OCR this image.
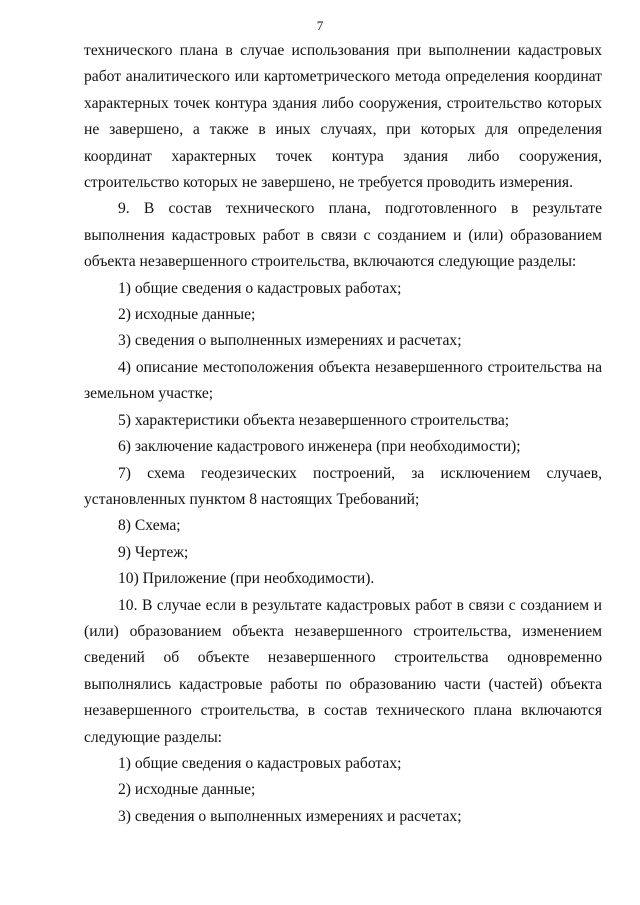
7

технического плана в случае использования при выполнении кадастровых работ аналитического или картометрического метода определения координат характерных точек контура здания либо сооружения, строительство которых не завершено, а также в иных случаях, при которых для определения координат характерных точек контура здания либо сооружения, строительство которых не завершено, не требуется проводить измерения.

9. В состав технического плана, подготовленного в результате выполнения кадастровых работ в связи с созданием и (или) образованием объекта незавершенного строительства, включаются следующие разделы:

1) общие сведения о кадастровых работах;

2) исходные данные;

3) сведения о выполненных измерениях и расчетах;

4) описание местоположения объекта незавершенного строительства на земельном участке;

5) характеристики объекта незавершенного строительства;

6) заключение кадастрового инженера (при необходимости);

7) схема геодезических построений, за исключением случаев, установленных пунктом 8 настоящих Требований;

8) Схема;

9) Чертеж;

10) Приложение (при необходимости).

10. В случае если в результате кадастровых работ в связи с созданием и (или) образованием объекта незавершенного строительства, изменением сведений об объекте незавершенного строительства одновременно выполнялись кадастровые работы по образованию части (частей) объекта незавершенного строительства, в состав технического плана включаются следующие разделы:

1) общие сведения о кадастровых работах;

2) исходные данные;

3) сведения о выполненных измерениях и расчетах;
